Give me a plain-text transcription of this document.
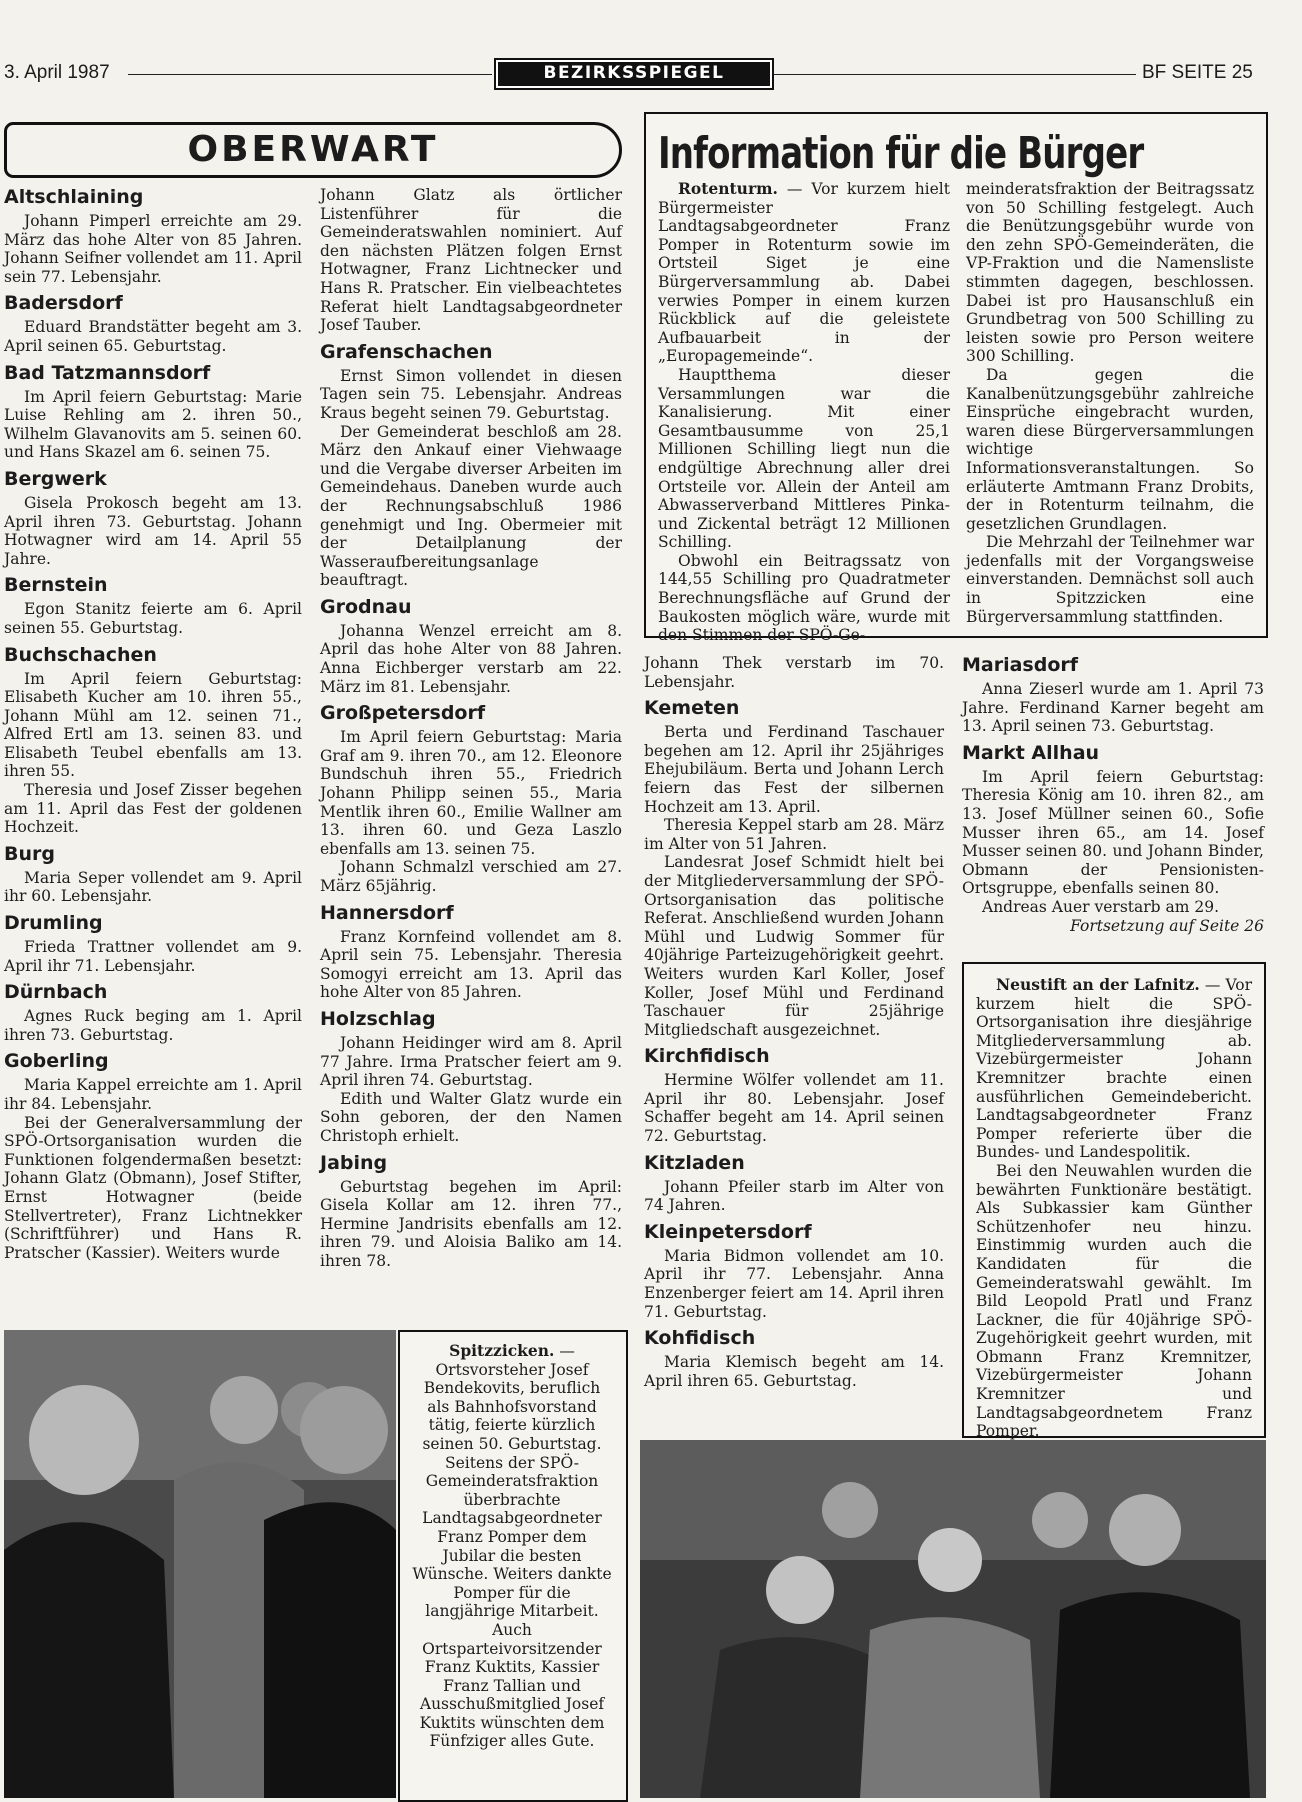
3. April 1987	BEZIRKSSPIEGEL	BF SEITE 25
OBERWART
Altschlaining

Johann Pimperl erreichte am 29. März das hohe Alter von 85 Jahren. Johann Seifner vollendet am 11. April sein 77. Lebensjahr.

Badersdorf

Eduard Brandstätter begeht am 3. April seinen 65. Geburtstag.

Bad Tatzmannsdorf

Im April feiern Geburtstag: Marie Luise Rehling am 2. ihren 50., Wilhelm Glavanovits am 5. seinen 60. und Hans Skazel am 6. seinen 75.

Bergwerk

Gisela Prokosch begeht am 13. April ihren 73. Geburtstag. Johann Hotwagner wird am 14. April 55 Jahre.

Bernstein

Egon Stanitz feierte am 6. April seinen 55. Geburtstag.

Buchschachen

Im April feiern Geburtstag: Elisabeth Kucher am 10. ihren 55., Johann Mühl am 12. seinen 71., Alfred Ertl am 13. seinen 83. und Elisabeth Teubel ebenfalls am 13. ihren 55.

Theresia und Josef Zisser begehen am 11. April das Fest der goldenen Hochzeit.

Burg

Maria Seper vollendet am 9. April ihr 60. Lebensjahr.

Drumling

Frieda Trattner vollendet am 9. April ihr 71. Lebensjahr.

Dürnbach

Agnes Ruck beging am 1. April ihren 73. Geburtstag.

Goberling

Maria Kappel erreichte am 1. April ihr 84. Lebensjahr.

Bei der Generalversammlung der SPÖ-Ortsorganisation wurden die Funktionen folgendermaßen besetzt: Johann Glatz (Obmann), Josef Stifter, Ernst Hotwagner (beide Stellvertreter), Franz Lichtnekker (Schriftführer) und Hans R. Pratscher (Kassier). Weiters wurde

Johann Glatz als örtlicher Listenführer für die Gemeinderatswahlen nominiert. Auf den nächsten Plätzen folgen Ernst Hotwagner, Franz Lichtnecker und Hans R. Pratscher. Ein vielbeachtetes Referat hielt Landtagsabgeordneter Josef Tauber.

Grafenschachen

Ernst Simon vollendet in diesen Tagen sein 75. Lebensjahr. Andreas Kraus begeht seinen 79. Geburtstag.

Der Gemeinderat beschloß am 28. März den Ankauf einer Viehwaage und die Vergabe diverser Arbeiten im Gemeindehaus. Daneben wurde auch der Rechnungsabschluß 1986 genehmigt und Ing. Obermeier mit der Detailplanung der Wasseraufbereitungsanlage beauftragt.

Grodnau

Johanna Wenzel erreicht am 8. April das hohe Alter von 88 Jahren. Anna Eichberger verstarb am 22. März im 81. Lebensjahr.

Großpetersdorf

Im April feiern Geburtstag: Maria Graf am 9. ihren 70., am 12. Eleonore Bundschuh ihren 55., Friedrich Johann Philipp seinen 55., Maria Mentlik ihren 60., Emilie Wallner am 13. ihren 60. und Geza Laszlo ebenfalls am 13. seinen 75.

Johann Schmalzl verschied am 27. März 65jährig.

Hannersdorf

Franz Kornfeind vollendet am 8. April sein 75. Lebensjahr. Theresia Somogyi erreicht am 13. April das hohe Alter von 85 Jahren.

Holzschlag

Johann Heidinger wird am 8. April 77 Jahre. Irma Pratscher feiert am 9. April ihren 74. Geburtstag.

Edith und Walter Glatz wurde ein Sohn geboren, der den Namen Christoph erhielt.

Jabing

Geburtstag begehen im April: Gisela Kollar am 12. ihren 77., Hermine Jandrisits ebenfalls am 12. ihren 79. und Aloisia Baliko am 14. ihren 78.

Information für die Bürger

Rotenturm. — Vor kurzem hielt Bürgermeister Landtagsabgeordneter Franz Pomper in Rotenturm sowie im Ortsteil Siget je eine Bürgerversammlung ab. Dabei verwies Pomper in einem kurzen Rückblick auf die geleistete Aufbauarbeit in der „Europagemeinde“.

Hauptthema dieser Versammlungen war die Kanalisierung. Mit einer Gesamtbausumme von 25,1 Millionen Schilling liegt nun die endgültige Abrechnung aller drei Ortsteile vor. Allein der Anteil am Abwasserverband Mittleres Pinka- und Zickental beträgt 12 Millionen Schilling.

Obwohl ein Beitragssatz von 144,55 Schilling pro Quadratmeter Berechnungsfläche auf Grund der Baukosten möglich wäre, wurde mit den Stimmen der SPÖ-Ge-

meinderatsfraktion der Beitragssatz von 50 Schilling festgelegt. Auch die Benützungsgebühr wurde von den zehn SPÖ-Gemeinderäten, die VP-Fraktion und die Namensliste stimmten dagegen, beschlossen. Dabei ist pro Hausanschluß ein Grundbetrag von 500 Schilling zu leisten sowie pro Person weitere 300 Schilling.

Da gegen die Kanalbenützungsgebühr zahlreiche Einsprüche eingebracht wurden, waren diese Bürgerversammlungen wichtige Informationsveranstaltungen. So erläuterte Amtmann Franz Drobits, der in Rotenturm teilnahm, die gesetzlichen Grundlagen.

Die Mehrzahl der Teilnehmer war jedenfalls mit der Vorgangsweise einverstanden. Demnächst soll auch in Spitzzicken eine Bürgerversammlung stattfinden.

Johann Thek verstarb im 70. Lebensjahr.

Kemeten

Berta und Ferdinand Taschauer begehen am 12. April ihr 25jähriges Ehejubiläum. Berta und Johann Lerch feiern das Fest der silbernen Hochzeit am 13. April.

Theresia Keppel starb am 28. März im Alter von 51 Jahren.

Landesrat Josef Schmidt hielt bei der Mitgliederversammlung der SPÖ-Ortsorganisation das politische Referat. Anschließend wurden Johann Mühl und Ludwig Sommer für 40jährige Parteizugehörigkeit geehrt. Weiters wurden Karl Koller, Josef Koller, Josef Mühl und Ferdinand Taschauer für 25jährige Mitgliedschaft ausgezeichnet.

Kirchfidisch

Hermine Wölfer vollendet am 11. April ihr 80. Lebensjahr. Josef Schaffer begeht am 14. April seinen 72. Geburtstag.

Kitzladen

Johann Pfeiler starb im Alter von 74 Jahren.

Kleinpetersdorf

Maria Bidmon vollendet am 10. April ihr 77. Lebensjahr. Anna Enzenberger feiert am 14. April ihren 71. Geburtstag.

Kohfidisch

Maria Klemisch begeht am 14. April ihren 65. Geburtstag.

Mariasdorf

Anna Zieserl wurde am 1. April 73 Jahre. Ferdinand Karner begeht am 13. April seinen 73. Geburtstag.

Markt Allhau

Im April feiern Geburtstag: Theresia König am 10. ihren 82., am 13. Josef Müllner seinen 60., Sofie Musser ihren 65., am 14. Josef Musser seinen 80. und Johann Binder, Obmann der Pensionisten-Ortsgruppe, ebenfalls seinen 80.

Andreas Auer verstarb am 29.

Fortsetzung auf Seite 26

Neustift an der Lafnitz. — Vor kurzem hielt die SPÖ-Ortsorganisation ihre diesjährige Mitgliederversammlung ab. Vizebürgermeister Johann Kremnitzer brachte einen ausführlichen Gemeindebericht. Landtagsabgeordneter Franz Pomper referierte über die Bundes- und Landespolitik.

Bei den Neuwahlen wurden die bewährten Funktionäre bestätigt. Als Subkassier kam Günther Schützenhofer neu hinzu. Einstimmig wurden auch die Kandidaten für die Gemeinderatswahl gewählt. Im Bild Leopold Pratl und Franz Lackner, die für 40jährige SPÖ-Zugehörigkeit geehrt wurden, mit Obmann Franz Kremnitzer, Vizebürgermeister Johann Kremnitzer und Landtagsabgeordnetem Franz Pomper.

Spitzzicken. — Ortsvorsteher Josef Bendekovits, beruflich als Bahnhofsvorstand tätig, feierte kürzlich seinen 50. Geburtstag. Seitens der SPÖ-Gemeinderatsfraktion überbrachte Landtagsabgeordneter Franz Pomper dem Jubilar die besten Wünsche. Weiters dankte Pomper für die langjährige Mitarbeit. Auch Ortsparteivorsitzender Franz Kuktits, Kassier Franz Tallian und Ausschußmitglied Josef Kuktits wünschten dem Fünfziger alles Gute.
